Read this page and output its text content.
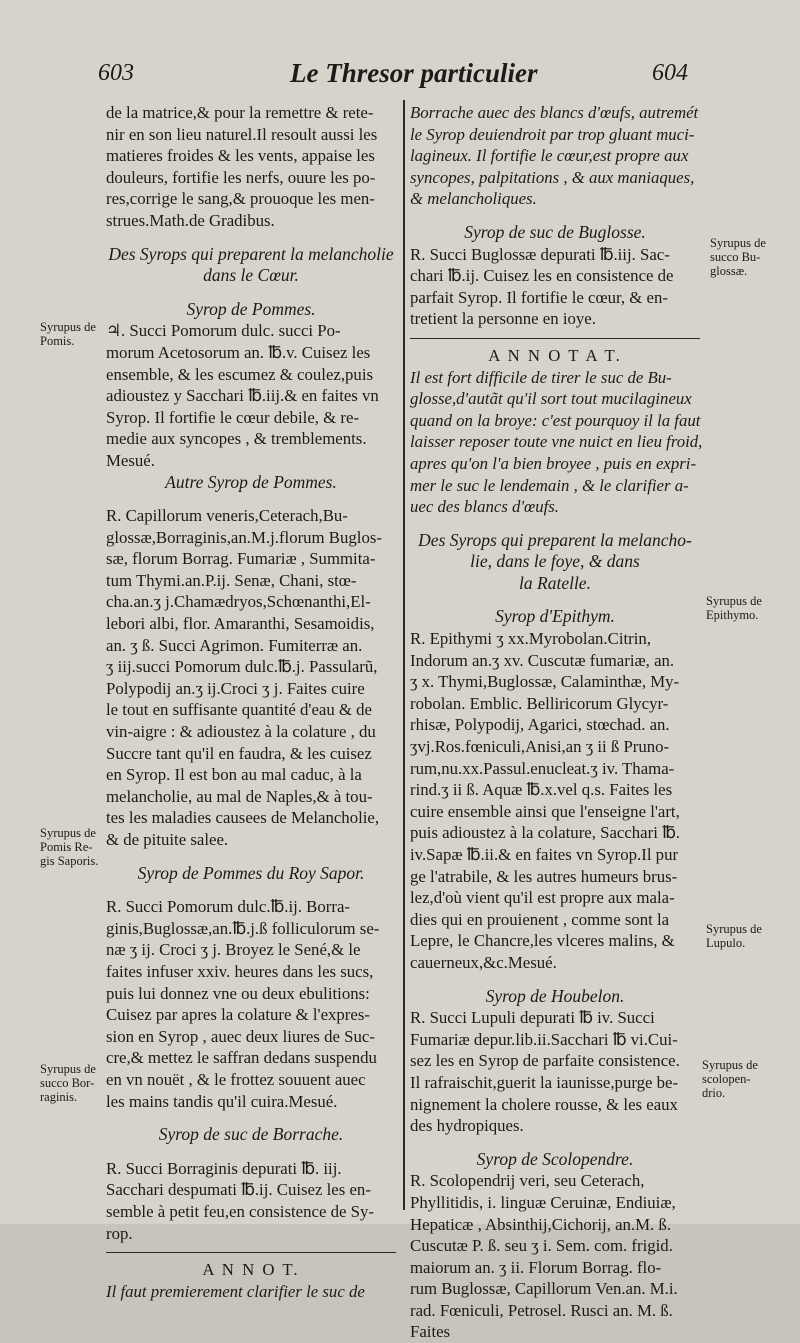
603	Le Thresor particulier	604
de la matrice,& pour la remettre & rete-
nir en son lieu naturel.Il resoult aussi les
matieres froides & les vents, appaise les
douleurs, fortifie les nerfs, ouure les po-
res,corrige le sang,& prouoque les men-
strues.Math.de Gradibus.
Des Syrops qui preparent la melancholie
dans le Cœur.
Syrop de Pommes.
♃. Succi Pomorum dulc. succi Po-
morum Acetosorum an. ℔.v. Cuisez les
ensemble, & les escumez & coulez,puis
adioustez y Sacchari ℔.iij.& en faites vn
Syrop. Il fortifie le cœur debile, & re-
medie aux syncopes , & tremblements.
Mesué.
Autre Syrop de Pommes.
R. Capillorum veneris,Ceterach,Bu-
glossæ,Borraginis,an.M.j.florum Buglos-
sæ, florum Borrag. Fumariæ , Summita-
tum Thymi.an.P.ij. Senæ, Chani, stœ-
cha.an.ʒ j.Chamædryos,Schœnanthi,El-
lebori albi, flor. Amaranthi, Sesamoidis,
an. ʒ ß. Succi Agrimon. Fumiterræ an.
ʒ iij.succi Pomorum dulc.℔.j. Passularũ,
Polypodij an.ʒ ij.Croci ʒ j. Faites cuire
le tout en suffisante quantité d'eau & de
vin-aigre : & adioustez à la colature , du
Succre tant qu'il en faudra, & les cuisez
en Syrop. Il est bon au mal caduc, à la
melancholie, au mal de Naples,& à tou-
tes les maladies causees de Melancholie,
& de pituite salee.
Syrop de Pommes du Roy Sapor.
R. Succi Pomorum dulc.℔.ij. Borra-
ginis,Buglossæ,an.℔.j.ß folliculorum se-
næ ʒ ij. Croci ʒ j. Broyez le Sené,& le
faites infuser xxiv. heures dans les sucs,
puis lui donnez vne ou deux ebulitions:
Cuisez par apres la colature & l'expres-
sion en Syrop , auec deux liures de Suc-
cre,& mettez le saffran dedans suspendu
en vn nouët , & le frottez souuent auec
les mains tandis qu'il cuira.Mesué.
Syrop de suc de Borrache.
R. Succi Borraginis depurati ℔. iij.
Sacchari despumati ℔.ij. Cuisez les en-
semble à petit feu,en consistence de Sy-
rop.
A N N O T.
Il faut premierement clarifier le suc de
Borrache auec des blancs d'œufs, autremét
le Syrop deuiendroit par trop gluant muci-
lagineux. Il fortifie le cœur,est propre aux
syncopes, palpitations , & aux maniaques,
& melancholiques.
Syrop de suc de Buglosse.
R. Succi Buglossæ depurati ℔.iij. Sac-
chari ℔.ij. Cuisez les en consistence de
parfait Syrop. Il fortifie le cœur, & en-
tretient la personne en ioye.
A N N O T A T.
Il est fort difficile de tirer le suc de Bu-
glosse,d'autãt qu'il sort tout mucilagineux
quand on la broye: c'est pourquoy il la faut
laisser reposer toute vne nuict en lieu froid,
apres qu'on l'a bien broyee , puis en expri-
mer le suc le lendemain , & le clarifier a-
uec des blancs d'œufs.
Des Syrops qui preparent la melancho-
lie, dans le foye, & dans
la Ratelle.
Syrop d'Epithym.
R. Epithymi ʒ xx.Myrobolan.Citrin,
Indorum an.ʒ xv. Cuscutæ fumariæ, an.
ʒ x. Thymi,Buglossæ, Calaminthæ, My-
robolan. Emblic. Belliricorum Glycyr-
rhisæ, Polypodij, Agarici, stœchad. an.
ʒvj.Ros.fœniculi,Anisi,an ʒ ii ß Pruno-
rum,nu.xx.Passul.enucleat.ʒ iv. Thama-
rind.ʒ ii ß. Aquæ ℔.x.vel q.s. Faites les
cuire ensemble ainsi que l'enseigne l'art,
puis adioustez à la colature, Sacchari ℔.
iv.Sapæ ℔.ii.& en faites vn Syrop.Il pur
ge l'atrabile, & les autres humeurs brus-
lez,d'où vient qu'il est propre aux mala-
dies qui en prouienent , comme sont la
Lepre, le Chancre,les vlceres malins, &
cauerneux,&c.Mesué.
Syrop de Houbelon.
R. Succi Lupuli depurati ℔ iv. Succi
Fumariæ depur.lib.ii.Sacchari ℔ vi.Cui-
sez les en Syrop de parfaite consistence.
Il rafraischit,guerit la iaunisse,purge be-
nignement la cholere rousse, & les eaux
des hydropiques.
Syrop de Scolopendre.
R. Scolopendrij veri, seu Ceterach,
Phyllitidis, i. linguæ Ceruinæ, Endiuiæ,
Hepaticæ , Absinthij,Cichorij, an.M. ß.
Cuscutæ P. ß. seu ʒ i. Sem. com. frigid.
maiorum an. ʒ ii. Florum Borrag. flo-
rum Buglossæ, Capillorum Ven.an. M.i.
rad. Fœniculi, Petrosel. Rusci an. M. ß.
Faites
Syrupus de
Pomis.
Syrupus de
Pomis Re-
gis Saporis.
Syrupus de
succo Bor-
raginis.
Syrupus de
succo Bu-
glossæ.
Syrupus de
Epithymo.
Syrupus de
Lupulo.
Syrupus de
scolopen-
drio.
